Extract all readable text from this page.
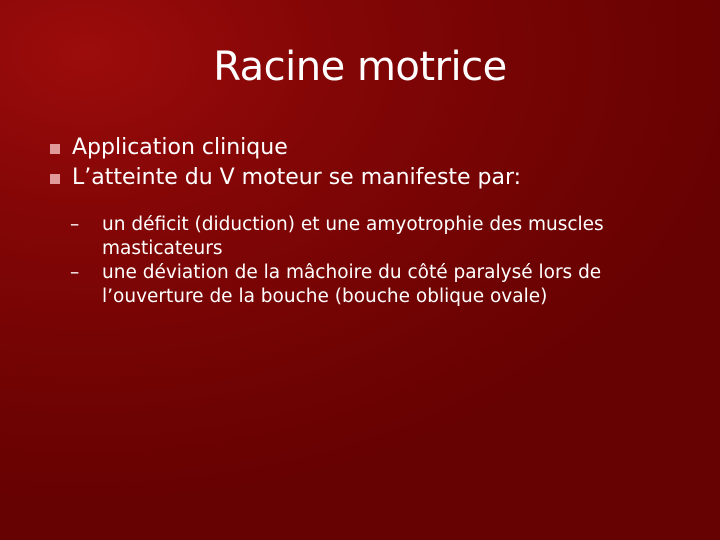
Racine motrice
Application clinique
L’atteinte du V moteur se manifeste par:
– un déficit (diduction) et une amyotrophie des muscles masticateurs
– une déviation de la mâchoire du côté paralysé lors de l’ouverture de la bouche (bouche oblique ovale)
